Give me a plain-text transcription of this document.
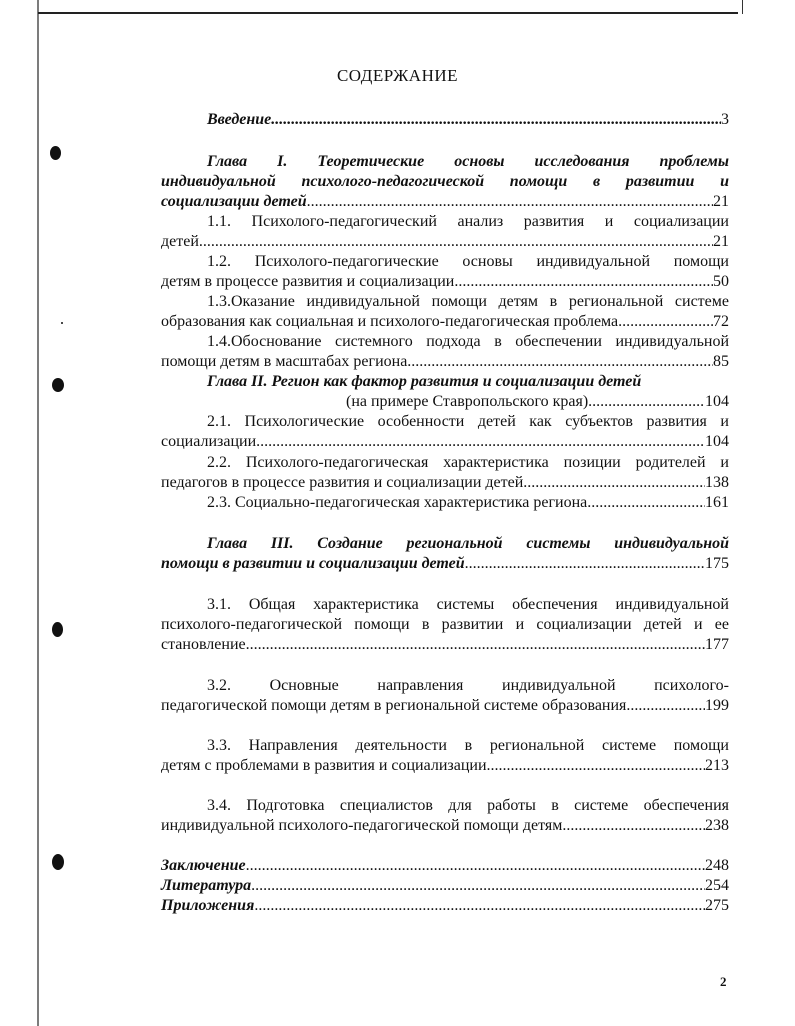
СОДЕРЖАНИЕ
Введение .....	3
Глава I. Теоретические основы исследования проблемы
индивидуальной психолого-педагогической помощи в развитии и
социализации детей .....	21
1.1. Психолого-педагогический анализ развития и социализации
детей .....	21
1.2. Психолого-педагогические основы индивидуальной помощи
детям в процессе развития и социализации .....	50
1.3.Оказание индивидуальной помощи детям в региональной системе
образования как социальная и психолого-педагогическая проблема .....	72
1.4.Обоснование системного подхода в обеспечении индивидуальной
помощи детям в масштабах региона .....	85
Глава II. Регион как фактор развития и социализации детей
(на примере Ставропольского края) .....	104
2.1. Психологические особенности детей как субъектов развития и
социализации .....	104
2.2. Психолого-педагогическая характеристика позиции родителей и
педагогов в процессе развития и социализации детей .....	138
2.3. Социально-педагогическая характеристика региона .....	161
Глава III. Создание региональной системы индивидуальной
помощи в развитии и социализации детей .....	175
3.1. Общая характеристика системы обеспечения индивидуальной
психолого-педагогической помощи в развитии и социализации детей и ее
становление .....	177
3.2. Основные направления индивидуальной психолого-
педагогической помощи детям в региональной системе образования .....	199
3.3. Направления деятельности в региональной системе помощи
детям с проблемами в развития и социализации .....	213
3.4. Подготовка специалистов для работы в системе обеспечения
индивидуальной психолого-педагогической помощи детям .....	238
Заключение .....	248
Литература .....	254
Приложения .....	275
2
